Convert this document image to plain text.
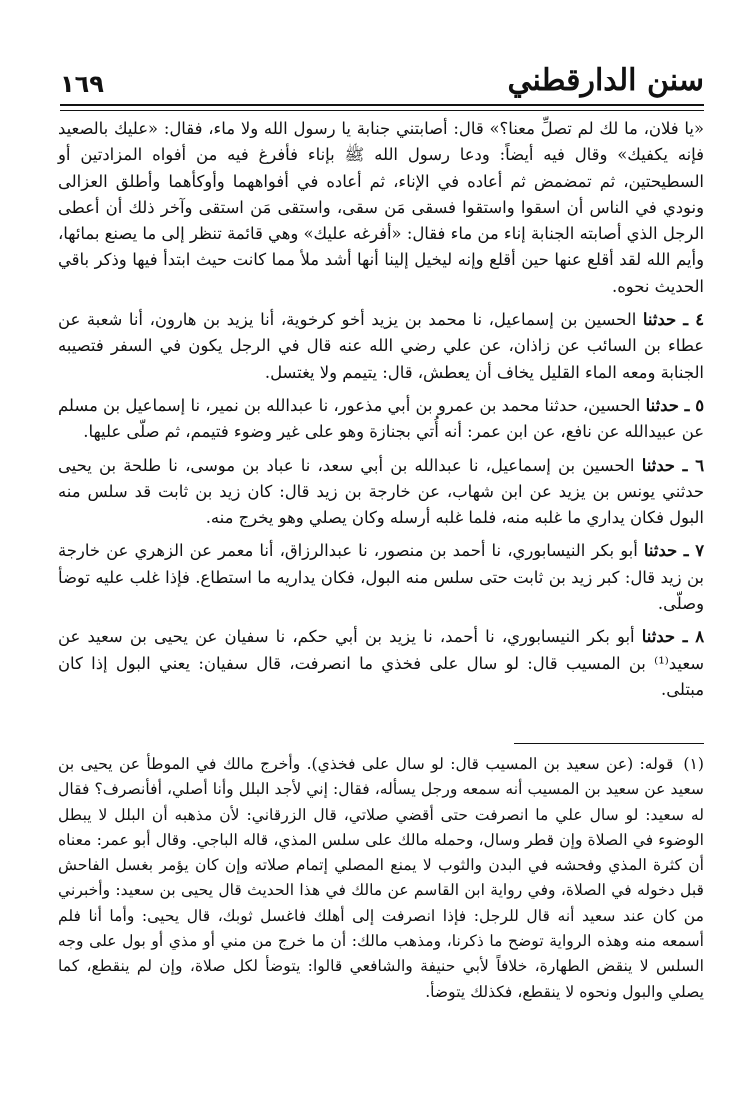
سنن الدارقطني
١٦٩

«يا فلان، ما لك لم تصلِّ معنا؟» قال: أصابتني جنابة يا رسول الله ولا ماء، فقال: «عليك بالصعيد فإنه يكفيك» وقال فيه أيضاً: ودعا رسول الله ﷺ بإناء فأفرغ فيه من أفواه المزادتين أو السطيحتين، ثم تمضمض ثم أعاده في الإناء، ثم أعاده في أفواههما وأوكأهما وأطلق العزالى ونودي في الناس أن اسقوا واستقوا فسقى مَن سقى، واستقى مَن استقى وآخر ذلك أن أعطى الرجل الذي أصابته الجنابة إناء من ماء فقال: «أفرغه عليك» وهي قائمة تنظر إلى ما يصنع بمائها، وأيم الله لقد أقلع عنها حين أقلع وإنه ليخيل إلينا أنها أشد ملأ مما كانت حيث ابتدأ فيها وذكر باقي الحديث نحوه.

٤ ـ حدثنا الحسين بن إسماعيل، نا محمد بن يزيد أخو كرخوية، أنا يزيد بن هارون، أنا شعبة عن عطاء بن السائب عن زاذان، عن علي رضي الله عنه قال في الرجل يكون في السفر فتصيبه الجنابة ومعه الماء القليل يخاف أن يعطش، قال: يتيمم ولا يغتسل.

٥ ـ حدثنا الحسين، حدثنا محمد بن عمرو بن أبي مذعور، نا عبدالله بن نمير، نا إسماعيل بن مسلم عن عبيدالله عن نافع، عن ابن عمر: أنه أُتي بجنازة وهو على غير وضوء فتيمم، ثم صلّى عليها.

٦ ـ حدثنا الحسين بن إسماعيل، نا عبدالله بن أبي سعد، نا عباد بن موسى، نا طلحة بن يحيى حدثني يونس بن يزيد عن ابن شهاب، عن خارجة بن زيد قال: كان زيد بن ثابت قد سلس منه البول فكان يداري ما غلبه منه، فلما غلبه أرسله وكان يصلي وهو يخرج منه.

٧ ـ حدثنا أبو بكر النيسابوري، نا أحمد بن منصور، نا عبدالرزاق، أنا معمر عن الزهري عن خارجة بن زيد قال: كبر زيد بن ثابت حتى سلس منه البول، فكان يداريه ما استطاع. فإذا غلب عليه توضأ وصلّى.

٨ ـ حدثنا أبو بكر النيسابوري، نا أحمد، نا يزيد بن أبي حكم، نا سفيان عن يحيى بن سعيد عن سعيد⁽¹⁾ بن المسيب قال: لو سال على فخذي ما انصرفت، قال سفيان: يعني البول إذا كان مبتلى.

(١)قوله: (عن سعيد بن المسيب قال: لو سال على فخذي). وأخرج مالك في الموطأ عن يحيى بن سعيد عن سعيد بن المسيب أنه سمعه ورجل يسأله، فقال: إني لأجد البلل وأنا أصلي، أفأنصرف؟ فقال له سعيد: لو سال علي ما انصرفت حتى أقضي صلاتي، قال الزرقاني: لأن مذهبه أن البلل لا يبطل الوضوء في الصلاة وإن قطر وسال، وحمله مالك على سلس المذي، قاله الباجي. وقال أبو عمر: معناه أن كثرة المذي وفحشه في البدن والثوب لا يمنع المصلي إتمام صلاته وإن كان يؤمر بغسل الفاحش قبل دخوله في الصلاة، وفي رواية ابن القاسم عن مالك في هذا الحديث قال يحيى بن سعيد: وأخبرني من كان عند سعيد أنه قال للرجل: فإذا انصرفت إلى أهلك فاغسل ثوبك، قال يحيى: وأما أنا فلم أسمعه منه وهذه الرواية توضح ما ذكرنا، ومذهب مالك: أن ما خرج من مني أو مذي أو بول على وجه السلس لا ينقض الطهارة، خلافاً لأبي حنيفة والشافعي قالوا: يتوضأ لكل صلاة، وإن لم ينقطع، كما يصلي والبول ونحوه لا ينقطع، فكذلك يتوضأ.
